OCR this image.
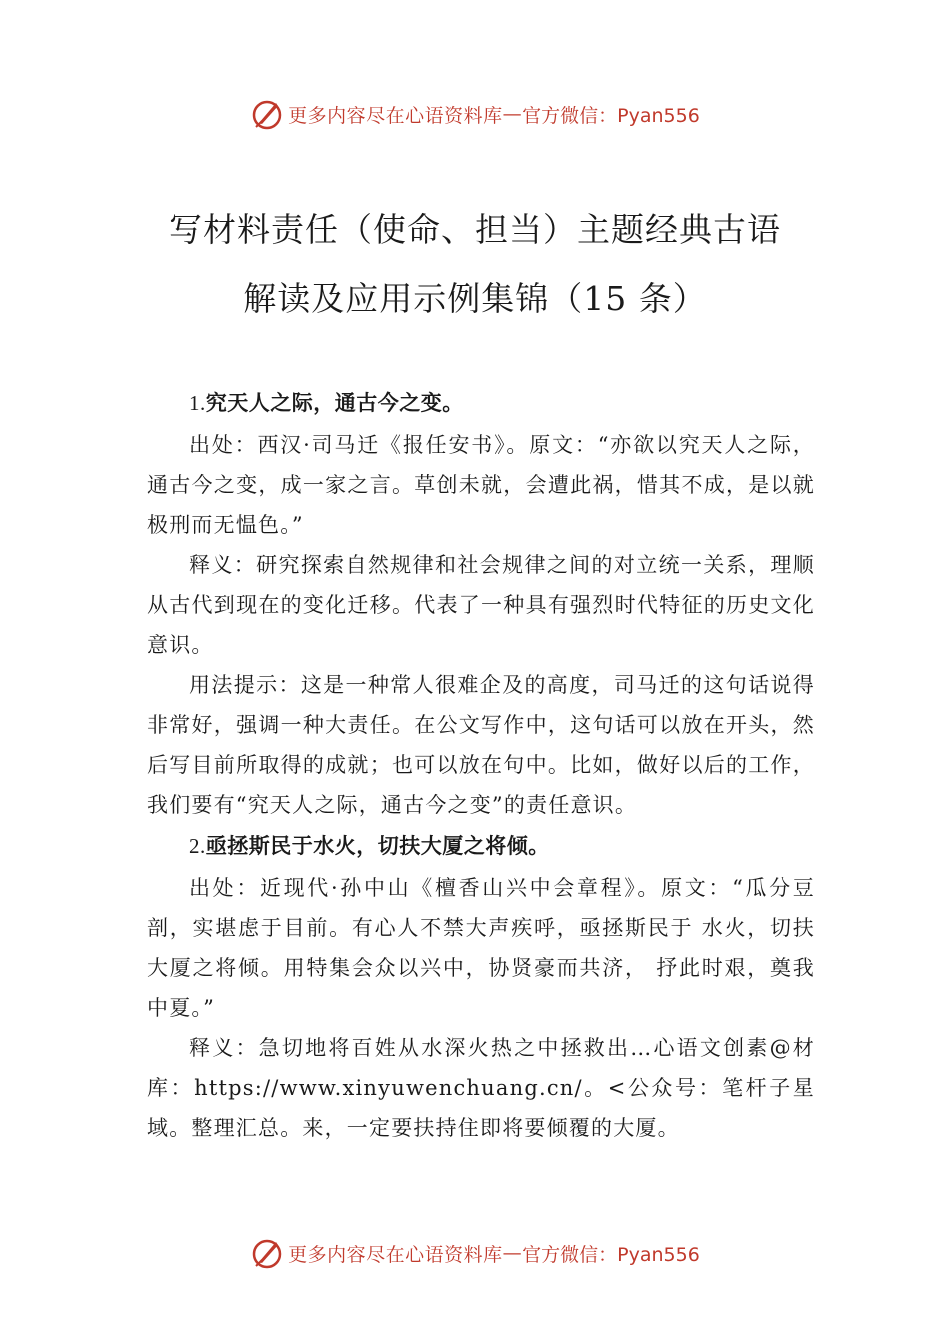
更多内容尽在心语资料库 — 官方微信：Pyan556
写材料责任（使命、担当）主题经典古语
解读及应用示例集锦（15 条）

1.究天人之际，通古今之变。

出处：西汉·司马迁《报任安书》。原文：“亦欲以究天人之际，通古今之变，成一家之言。草创未就，会遭此祸，惜其不成，是以就极刑而无愠色。”

释义：研究探索自然规律和社会规律之间的对立统一关系，理顺从古代到现在的变化迁移。代表了一种具有强烈时代特征的历史文化意识。

用法提示：这是一种常人很难企及的高度，司马迁的这句话说得非常好，强调一种大责任。在公文写作中，这句话可以放在开头，然后写目前所取得的成就；也可以放在句中。比如，做好以后的工作，我们要有“究天人之际，通古今之变”的责任意识。

2.亟拯斯民于水火，切扶大厦之将倾。

出处：近现代·孙中山《檀香山兴中会章程》。原文：“瓜分豆剖，实堪虑于目前。有心人不禁大声疾呼，亟拯斯民于 水火，切扶大厦之将倾。用特集会众以兴中，协贤豪而共济， 抒此时艰，奠我中夏。”

释义：急切地将百姓从水深火热之中拯救出…心语文创素@材库：https://www.xinyuwenchuang.cn/。<公众号：笔杆子星域。整理汇总。来，一定要扶持住即将要倾覆的大厦。

更多内容尽在心语资料库 — 官方微信：Pyan556
